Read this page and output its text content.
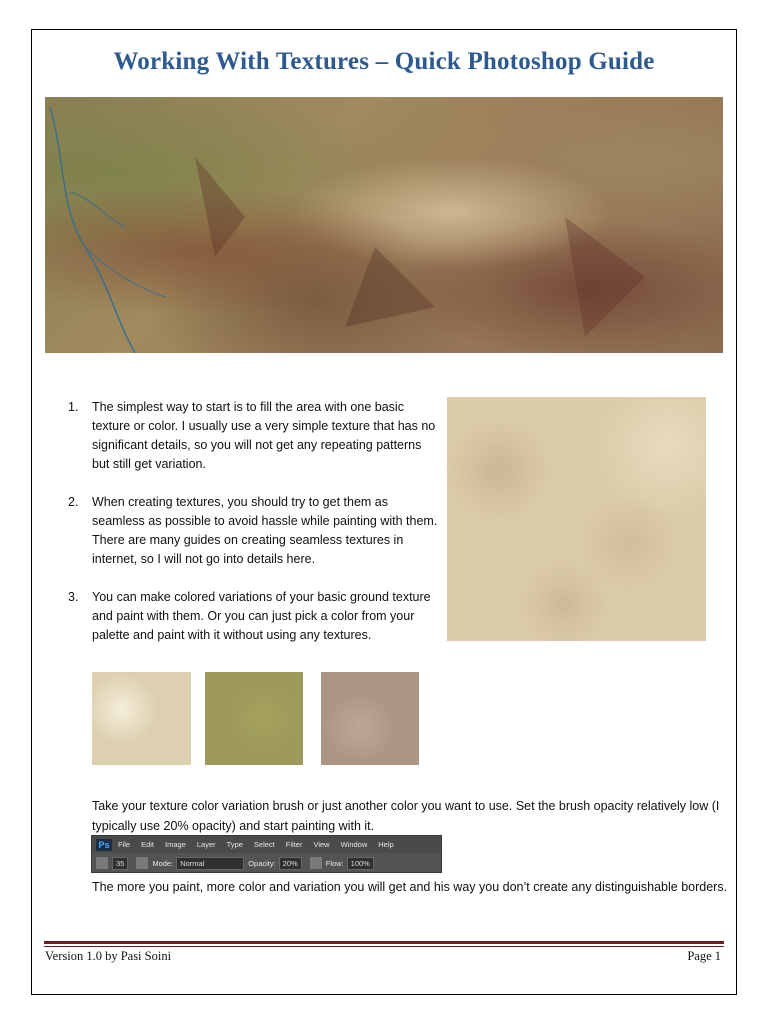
Working With Textures – Quick Photoshop Guide
1. The simplest way to start is to fill the area with one basic texture or color. I usually use a very simple texture that has no significant details, so you will not get any repeating patterns but still get variation.
2. When creating textures, you should try to get them as seamless as possible to avoid hassle while painting with them. There are many guides on creating seamless textures in internet, so I will not go into details here.
3. You can make colored variations of your basic ground texture and paint with them. Or you can just pick a color from your palette and paint with it without using any textures.

Take your texture color variation brush or just another color you want to use. Set the brush opacity relatively low (I typically use 20% opacity) and start painting with it.

Ps	File Edit Image Layer Type Select Filter View Window Help
35	Mode: Normal	Opacity: 20%	Flow: 100%

The more you paint, more color and variation you will get and his way you don’t create any distinguishable borders.

Version 1.0 by Pasi Soini	Page 1
